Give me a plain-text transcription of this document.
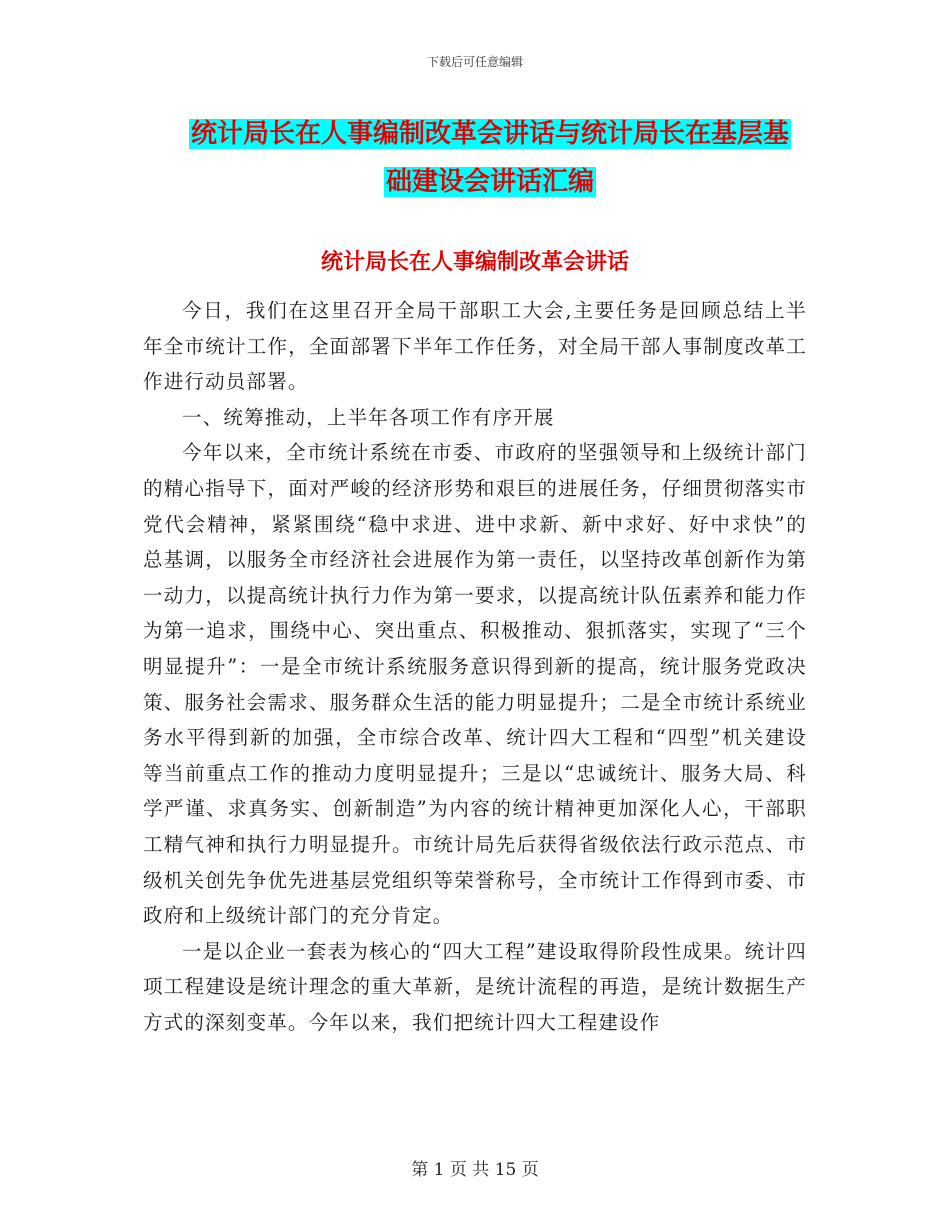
下载后可任意编辑
统计局长在人事编制改革会讲话与统计局长在基层基
础建设会讲话汇编
统计局长在人事编制改革会讲话

今日，我们在这里召开全局干部职工大会,主要任务是回顾总结上半年全市统计工作，全面部署下半年工作任务，对全局干部人事制度改革工作进行动员部署。

一、统筹推动，上半年各项工作有序开展

今年以来，全市统计系统在市委、市政府的坚强领导和上级统计部门的精心指导下，面对严峻的经济形势和艰巨的进展任务，仔细贯彻落实市党代会精神，紧紧围绕“稳中求进、进中求新、新中求好、好中求快”的总基调，以服务全市经济社会进展作为第一责任，以坚持改革创新作为第一动力，以提高统计执行力作为第一要求，以提高统计队伍素养和能力作为第一追求，围绕中心、突出重点、积极推动、狠抓落实，实现了“三个明显提升”：一是全市统计系统服务意识得到新的提高，统计服务党政决策、服务社会需求、服务群众生活的能力明显提升；二是全市统计系统业务水平得到新的加强，全市综合改革、统计四大工程和“四型”机关建设等当前重点工作的推动力度明显提升；三是以“忠诚统计、服务大局、科学严谨、求真务实、创新制造”为内容的统计精神更加深化人心，干部职工精气神和执行力明显提升。市统计局先后获得省级依法行政示范点、市级机关创先争优先进基层党组织等荣誉称号，全市统计工作得到市委、市政府和上级统计部门的充分肯定。

一是以企业一套表为核心的“四大工程”建设取得阶段性成果。统计四项工程建设是统计理念的重大革新，是统计流程的再造，是统计数据生产方式的深刻变革。今年以来，我们把统计四大工程建设作

第 1 页 共 15 页
